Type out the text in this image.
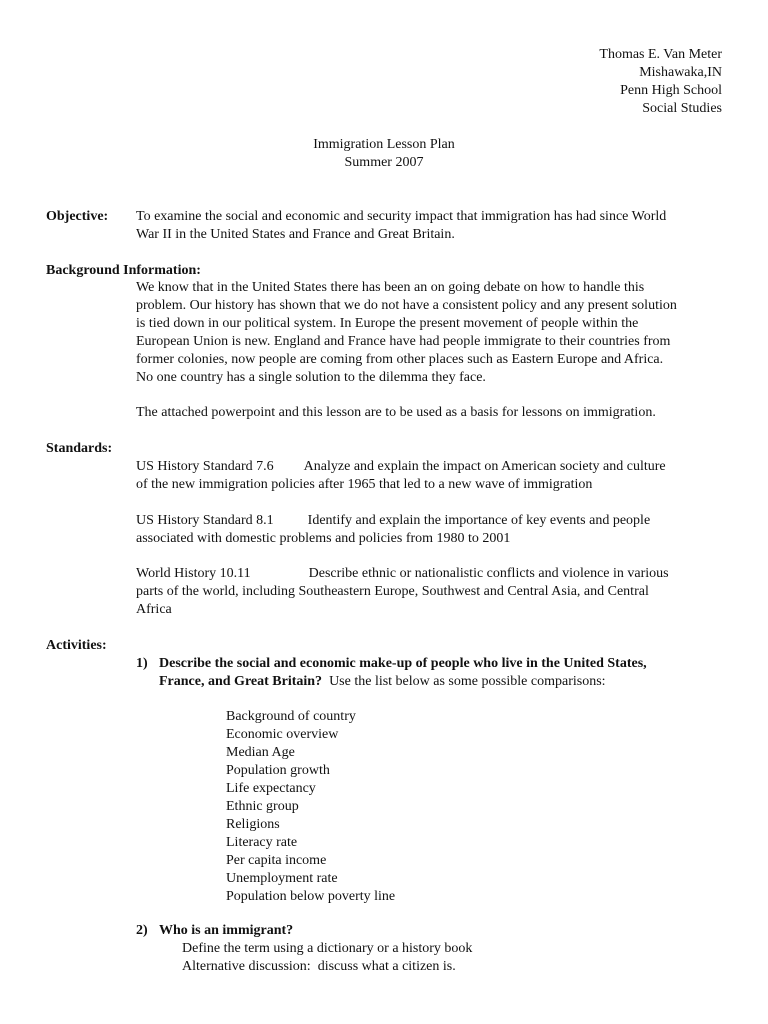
Thomas E. Van Meter
Mishawaka,IN
Penn High School
Social Studies
Immigration Lesson Plan
Summer 2007
Objective: To examine the social and economic and security impact that immigration has had since World
War II in the United States and France and Great Britain.
Background Information:
We know that in the United States there has been an on going debate on how to handle this
problem. Our history has shown that we do not have a consistent policy and any present solution
is tied down in our political system. In Europe the present movement of people within the
European Union is new. England and France have had people immigrate to their countries from
former colonies, now people are coming from other places such as Eastern Europe and Africa.
No one country has a single solution to the dilemma they face.
The attached powerpoint and this lesson are to be used as a basis for lessons on immigration.
Standards:
US History Standard 7.6 Analyze and explain the impact on American society and culture
of the new immigration policies after 1965 that led to a new wave of immigration
US History Standard 8.1 Identify and explain the importance of key events and people
associated with domestic problems and policies from 1980 to 2001
World History 10.11	Describe ethnic or nationalistic conflicts and violence in various
parts of the world, including Southeastern Europe, Southwest and Central Asia, and Central
Africa
Activities:
1) Describe the social and economic make-up of people who live in the United States,
France, and Great Britain?  Use the list below as some possible comparisons:
Background of country
Economic overview
Median Age
Population growth
Life expectancy
Ethnic group
Religions
Literacy rate
Per capita income
Unemployment rate
Population below poverty line
2) Who is an immigrant?
Define the term using a dictionary or a history book
Alternative discussion:  discuss what a citizen is.
